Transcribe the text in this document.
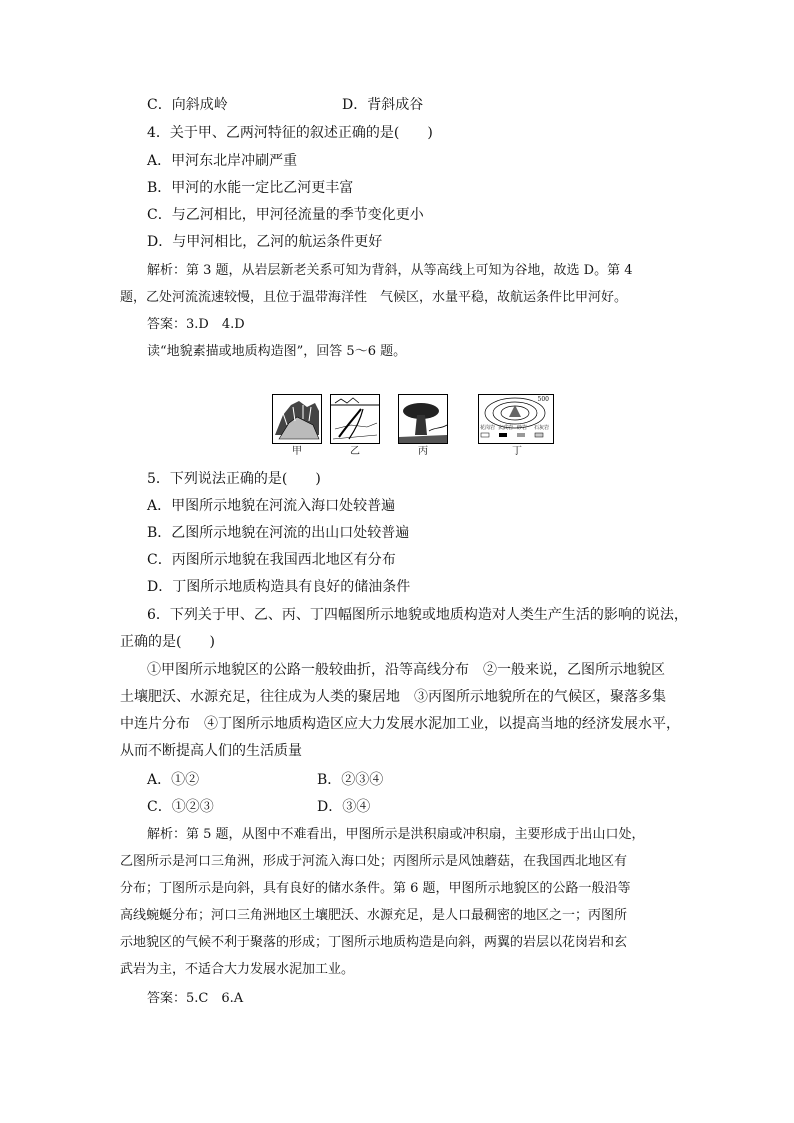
C．向斜成岭	D．背斜成谷
4．关于甲、乙两河特征的叙述正确的是(　　)
A．甲河东北岸冲刷严重
B．甲河的水能一定比乙河更丰富
C．与乙河相比，甲河径流量的季节变化更小
D．与甲河相比，乙河的航运条件更好
解析：第 3 题，从岩层新老关系可知为背斜，从等高线上可知为谷地，故选 D。第 4
题，乙处河流流速较慢，且位于温带海洋性　气候区，水量平稳，故航运条件比甲河好。
答案：3.D　4.D
读“地貌素描或地质构造图”，回答 5～6 题。
500
花岗岩 玄武岩 砂岩 石灰岩
甲	乙	丙	丁
5．下列说法正确的是(　　)
A．甲图所示地貌在河流入海口处较普遍
B．乙图所示地貌在河流的出山口处较普遍
C．丙图所示地貌在我国西北地区有分布
D．丁图所示地质构造具有良好的储油条件
6．下列关于甲、乙、丙、丁四幅图所示地貌或地质构造对人类生产生活的影响的说法，
正确的是(　　)
①甲图所示地貌区的公路一般较曲折，沿等高线分布　②一般来说，乙图所示地貌区
土壤肥沃、水源充足，往往成为人类的聚居地　③丙图所示地貌所在的气候区，聚落多集
中连片分布　④丁图所示地质构造区应大力发展水泥加工业，以提高当地的经济发展水平，
从而不断提高人们的生活质量
A．①②	B．②③④
C．①②③	D．③④
解析：第 5 题，从图中不难看出，甲图所示是洪积扇或冲积扇，主要形成于出山口处，
乙图所示是河口三角洲，形成于河流入海口处；丙图所示是风蚀蘑菇，在我国西北地区有
分布；丁图所示是向斜，具有良好的储水条件。第 6 题，甲图所示地貌区的公路一般沿等
高线蜿蜒分布；河口三角洲地区土壤肥沃、水源充足，是人口最稠密的地区之一；丙图所
示地貌区的气候不利于聚落的形成；丁图所示地质构造是向斜，两翼的岩层以花岗岩和玄
武岩为主，不适合大力发展水泥加工业。
答案：5.C　6.A
